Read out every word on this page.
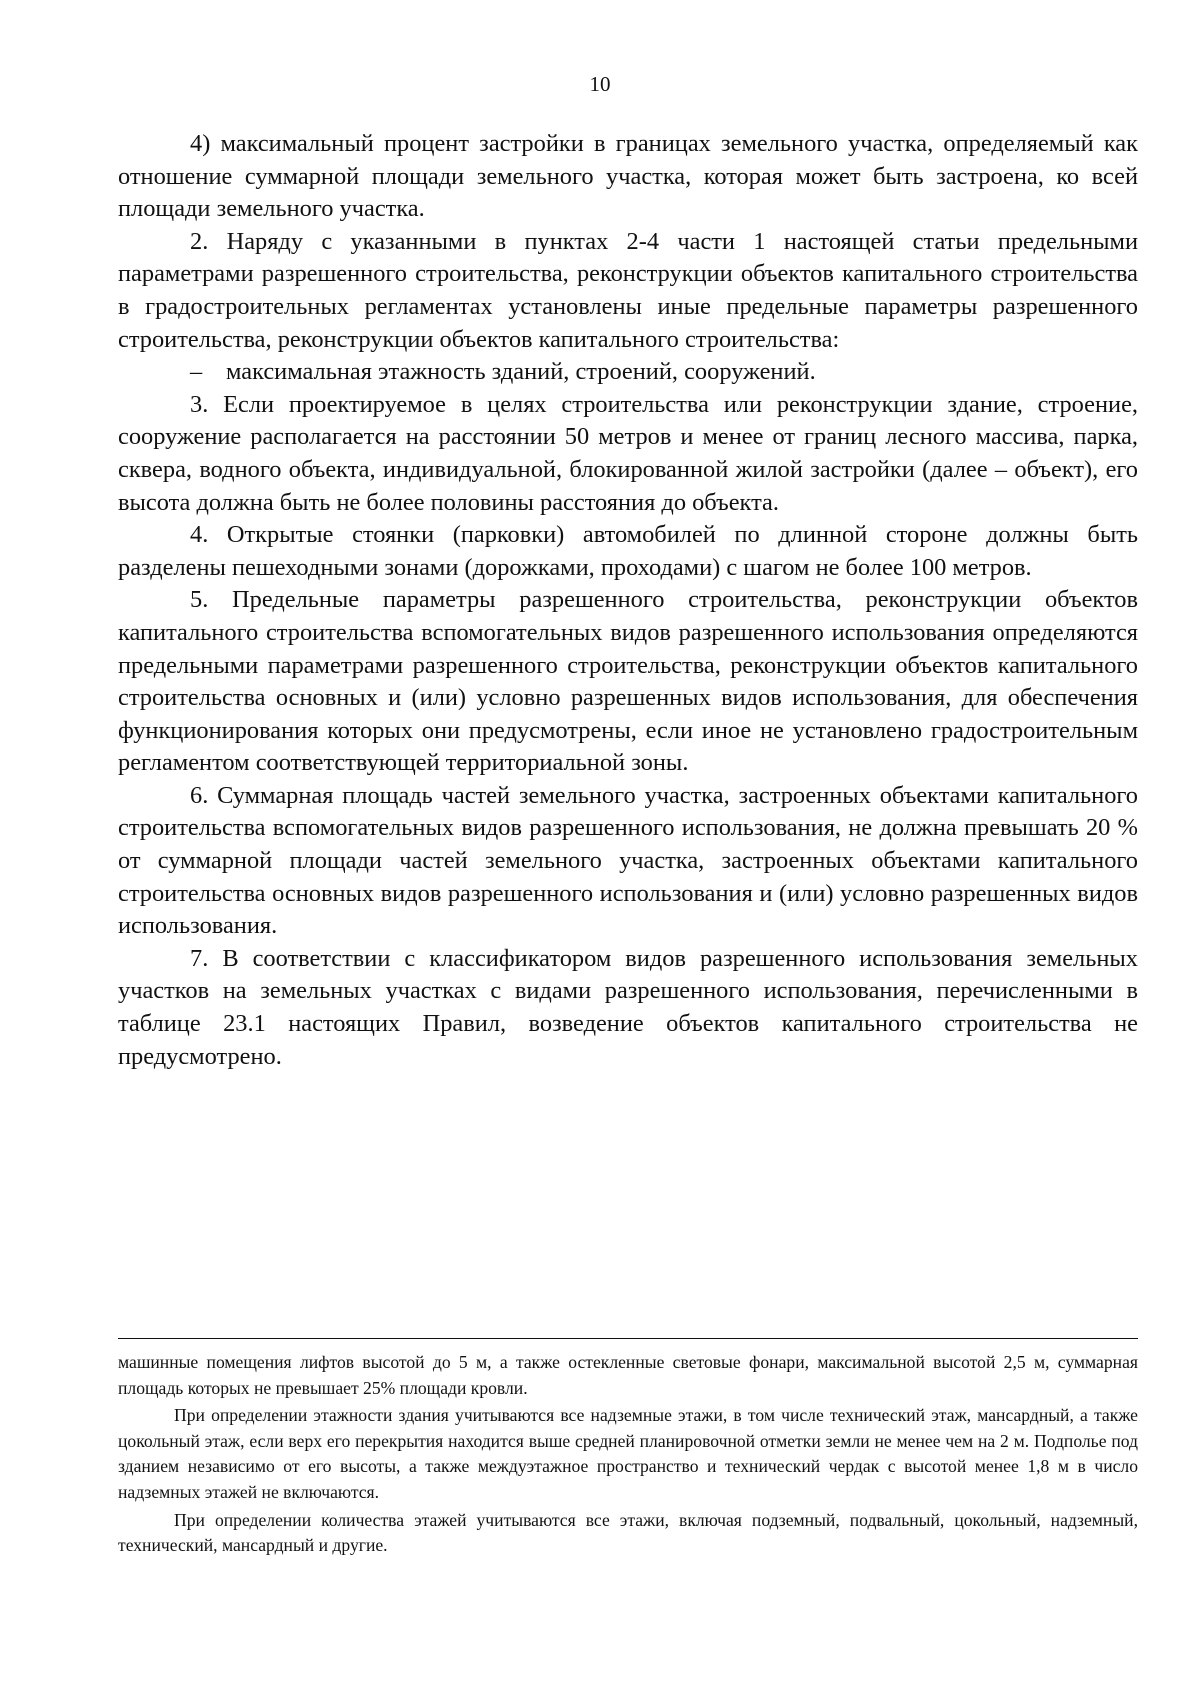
10

4) максимальный процент застройки в границах земельного участка, определяемый как отношение суммарной площади земельного участка, которая может быть застроена, ко всей площади земельного участка.

2. Наряду с указанными в пунктах 2-4 части 1 настоящей статьи предельными параметрами разрешенного строительства, реконструкции объектов капитального строительства в градостроительных регламентах установлены иные предельные параметры разрешенного строительства, реконструкции объектов капитального строительства:

– максимальная этажность зданий, строений, сооружений.

3. Если проектируемое в целях строительства или реконструкции здание, строение, сооружение располагается на расстоянии 50 метров и менее от границ лесного массива, парка, сквера, водного объекта, индивидуальной, блокированной жилой застройки (далее – объект), его высота должна быть не более половины расстояния до объекта.

4. Открытые стоянки (парковки) автомобилей по длинной стороне должны быть разделены пешеходными зонами (дорожками, проходами) с шагом не более 100 метров.

5. Предельные параметры разрешенного строительства, реконструкции объектов капитального строительства вспомогательных видов разрешенного использования определяются предельными параметрами разрешенного строительства, реконструкции объектов капитального строительства основных и (или) условно разрешенных видов использования, для обеспечения функционирования которых они предусмотрены, если иное не установлено градостроительным регламентом соответствующей территориальной зоны.

6. Суммарная площадь частей земельного участка, застроенных объектами капитального строительства вспомогательных видов разрешенного использования, не должна превышать 20 % от суммарной площади частей земельного участка, застроенных объектами капитального строительства основных видов разрешенного использования и (или) условно разрешенных видов использования.

7. В соответствии с классификатором видов разрешенного использования земельных участков на земельных участках с видами разрешенного использования, перечисленными в таблице 23.1 настоящих Правил, возведение объектов капитального строительства не предусмотрено.

машинные помещения лифтов высотой до 5 м, а также остекленные световые фонари, максимальной высотой 2,5 м, суммарная площадь которых не превышает 25% площади кровли.

При определении этажности здания учитываются все надземные этажи, в том числе технический этаж, мансардный, а также цокольный этаж, если верх его перекрытия находится выше средней планировочной отметки земли не менее чем на 2 м. Подполье под зданием независимо от его высоты, а также междуэтажное пространство и технический чердак с высотой менее 1,8 м в число надземных этажей не включаются.

При определении количества этажей учитываются все этажи, включая подземный, подвальный, цокольный, надземный, технический, мансардный и другие.
